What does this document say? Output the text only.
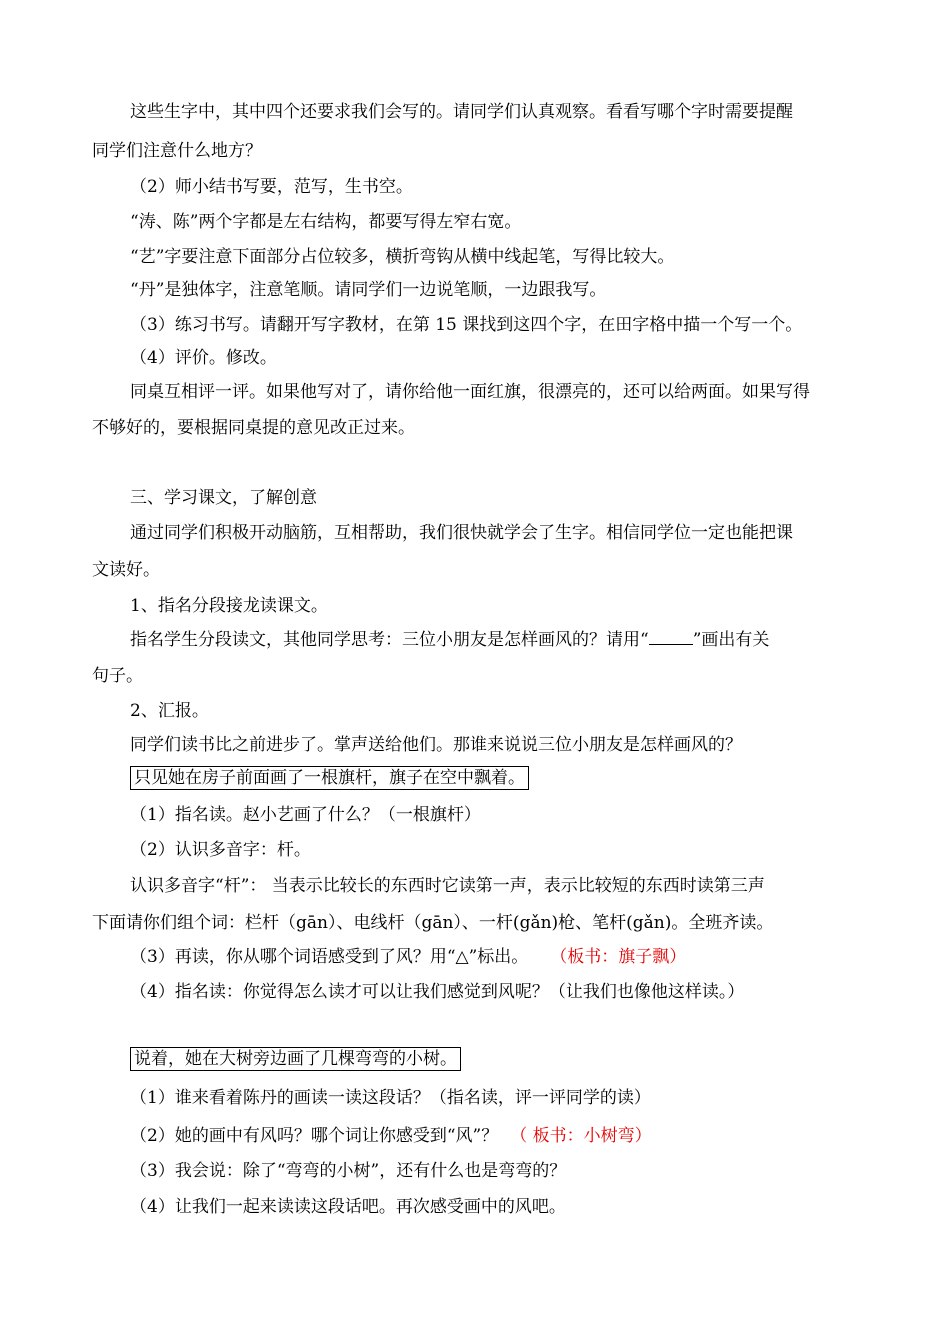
这些生字中，其中四个还要求我们会写的。请同学们认真观察。看看写哪个字时需要提醒
同学们注意什么地方？
（2）师小结书写要，范写，生书空。
“涛、陈”两个字都是左右结构，都要写得左窄右宽。
“艺”字要注意下面部分占位较多，横折弯钩从横中线起笔，写得比较大。
“丹”是独体字，注意笔顺。请同学们一边说笔顺，一边跟我写。
（3）练习书写。请翻开写字教材，在第 15 课找到这四个字，在田字格中描一个写一个。
（4）评价。修改。
同桌互相评一评。如果他写对了，请你给他一面红旗，很漂亮的，还可以给两面。如果写得
不够好的，要根据同桌提的意见改正过来。
三、学习课文，了解创意
通过同学们积极开动脑筋，互相帮助，我们很快就学会了生字。相信同学位一定也能把课
文读好。
1、指名分段接龙读课文。
指名学生分段读文，其他同学思考：三位小朋友是怎样画风的？请用“	”画出有关
句子。
2、汇报。
同学们读书比之前进步了。掌声送给他们。那谁来说说三位小朋友是怎样画风的？
只见她在房子前面画了一根旗杆，旗子在空中飘着。
（1）指名读。赵小艺画了什么？（一根旗杆）
（2）认识多音字：杆。
认识多音字“杆”： 当表示比较长的东西时它读第一声，表示比较短的东西时读第三声
下面请你们组个词：栏杆（gān）、电线杆（gān）、一杆(gǎn)枪、笔杆(gǎn)。全班齐读。
（3）再读，你从哪个词语感受到了风？用“△”标出。 （板书：旗子飘）
（4）指名读：你觉得怎么读才可以让我们感觉到风呢？（让我们也像他这样读。）
说着，她在大树旁边画了几棵弯弯的小树。
（1）谁来看着陈丹的画读一读这段话？（指名读，评一评同学的读）
（2）她的画中有风吗？哪个词让你感受到“风”？ （ 板书：小树弯）
（3）我会说：除了“弯弯的小树”，还有什么也是弯弯的？
（4）让我们一起来读读这段话吧。再次感受画中的风吧。
